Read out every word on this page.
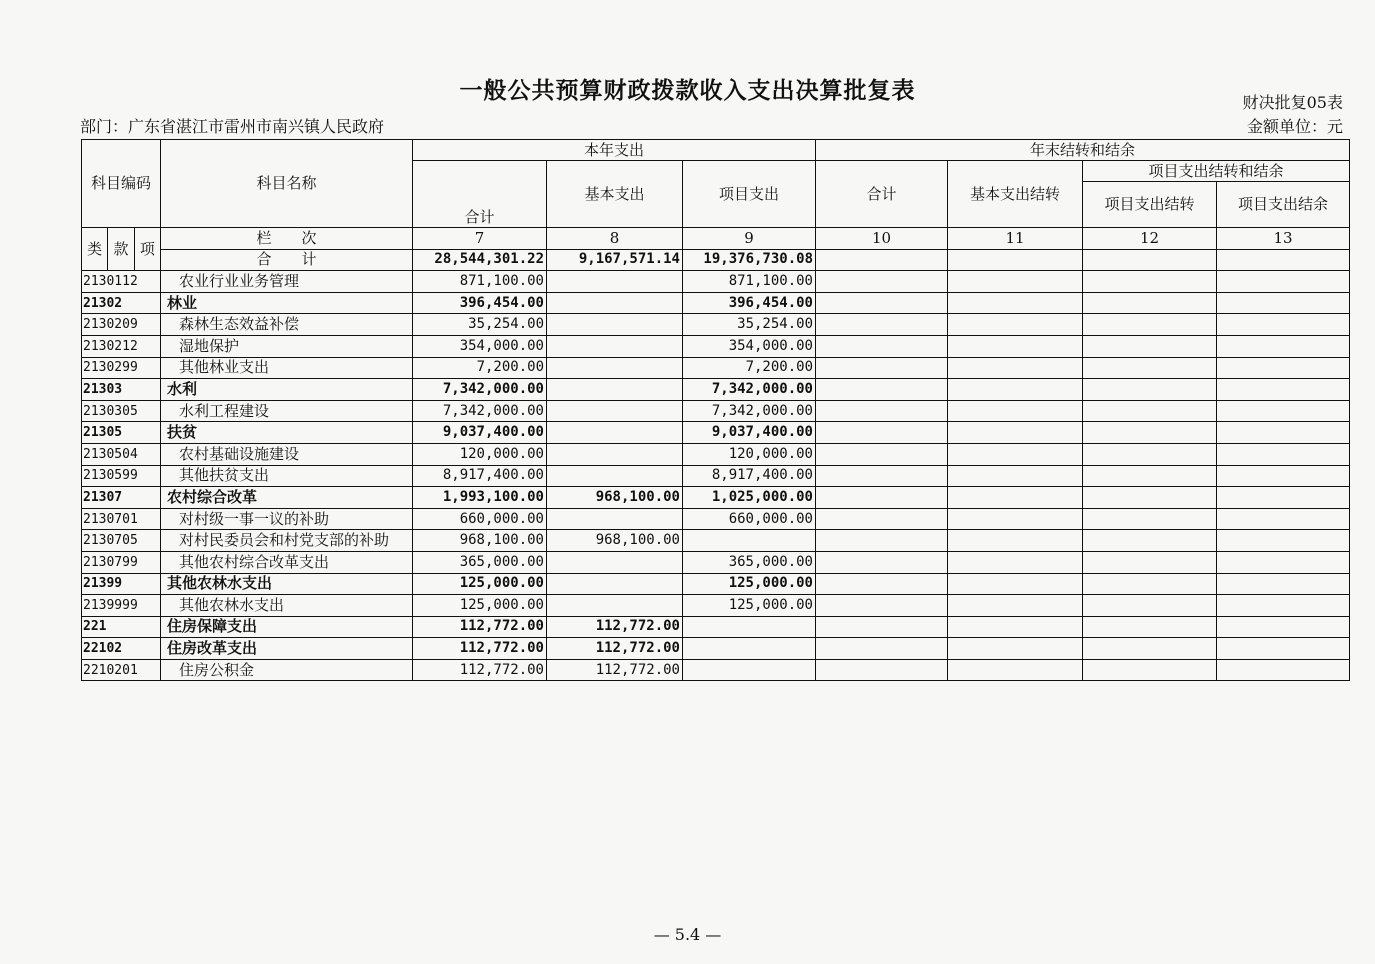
一般公共预算财政拨款收入支出决算批复表	财决批复05表
部门：广东省湛江市雷州市南兴镇人民政府	金额单位：元
科目编码	科目名称	本年支出			年末结转和结余			
		合计	基本支出	项目支出	合计	基本支出结转	项目支出结转和结余	
							项目支出结转	项目支出结余

类 款 项	栏　　次	7	8	9	10	11	12	13
	合　　计	28,544,301.22	9,167,571.14	19,376,730.08				
2130112	农业行业业务管理	871,100.00		871,100.00				
21302	林业	396,454.00		396,454.00				
2130209	森林生态效益补偿	35,254.00		35,254.00				
2130212	湿地保护	354,000.00		354,000.00				
2130299	其他林业支出	7,200.00		7,200.00				
21303	水利	7,342,000.00		7,342,000.00				
2130305	水利工程建设	7,342,000.00		7,342,000.00				
21305	扶贫	9,037,400.00		9,037,400.00				
2130504	农村基础设施建设	120,000.00		120,000.00				
2130599	其他扶贫支出	8,917,400.00		8,917,400.00				
21307	农村综合改革	1,993,100.00	968,100.00	1,025,000.00				
2130701	对村级一事一议的补助	660,000.00		660,000.00				
2130705	对村民委员会和村党支部的补助	968,100.00	968,100.00					
2130799	其他农村综合改革支出	365,000.00		365,000.00				
21399	其他农林水支出	125,000.00		125,000.00				
2139999	其他农林水支出	125,000.00		125,000.00				
221	住房保障支出	112,772.00	112,772.00					
22102	住房改革支出	112,772.00	112,772.00					
2210201	住房公积金	112,772.00	112,772.00					
— 5.4 —
